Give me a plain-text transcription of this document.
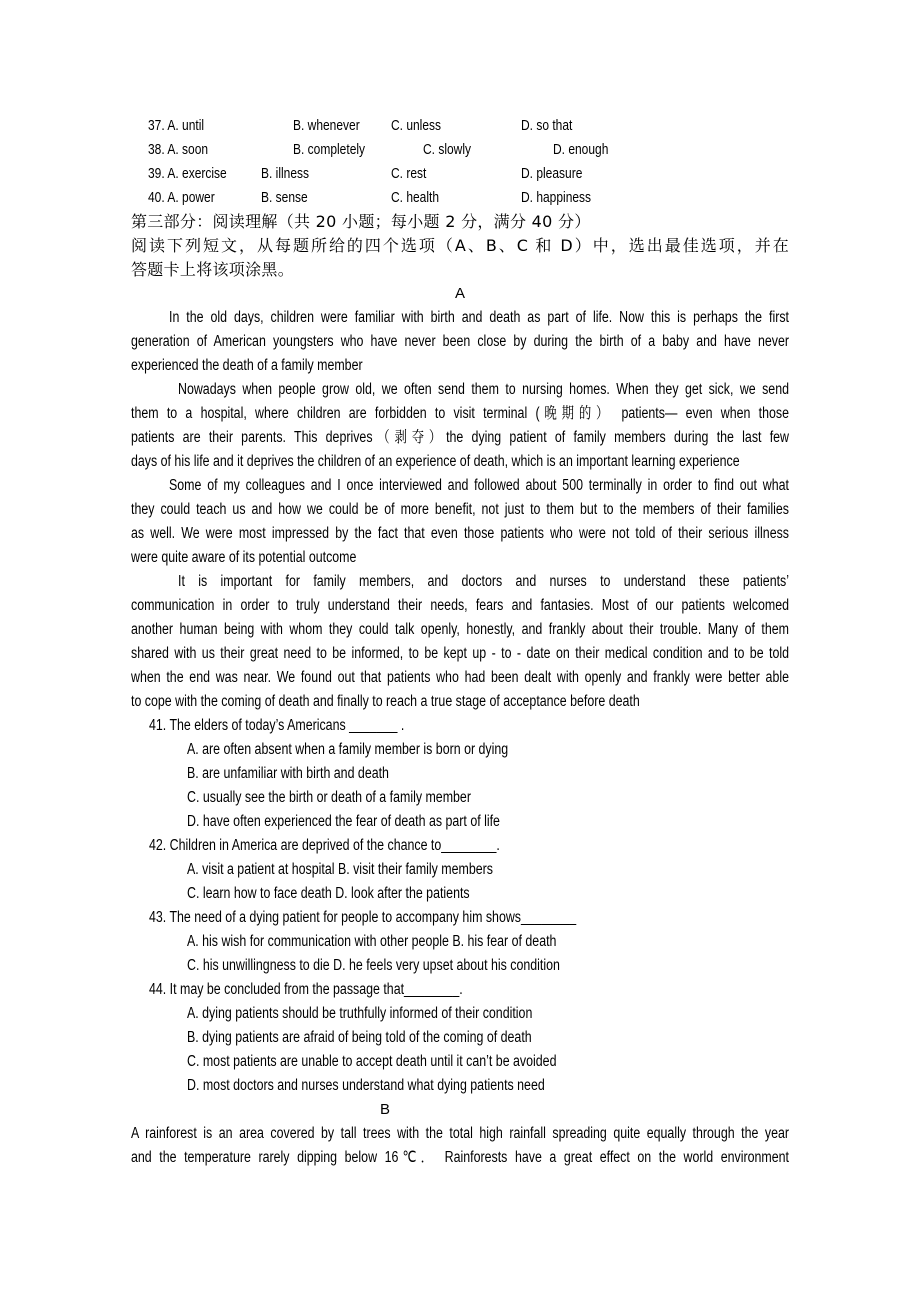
37. A. until	B. whenever C. unless	D. so that
38. A. soon	B. completely	C. slowly	D. enough
39. A. exercise B. illness	C. rest	D. pleasure
40. A. power	B. sense	C. health	D. happiness
第三部分：阅读理解（共 20 小题；每小题 2 分，满分 40 分）
阅读下列短文，从每题所给的四个选项（A、B、C 和 D）中，选出最佳选项，并在
答题卡上将该项涂黑。
A
In the old days, children were familiar with birth and death as part of life. Now this is perhaps the first
generation of American youngsters who have never been close by during the birth of a baby and have never
experienced the death of a family member
Nowadays when people grow old, we often send them to nursing homes. When they get sick, we send
them to a hospital, where children are forbidden to visit terminal (晚期的） patients— even when those
patients are their parents. This deprives（剥夺）the dying patient of family members during the last few
days of his life and it deprives the children of an experience of death, which is an important learning experience
Some of my colleagues and I once interviewed and followed about 500 terminally in order to find out what
they could teach us and how we could be of more benefit, not just to them but to the members of their families
as well. We were most impressed by the fact that even those patients who were not told of their serious illness
were quite aware of its potential outcome
It is important for family members, and doctors and nurses to understand these patients’
communication in order to truly understand their needs, fears and fantasies. Most of our patients welcomed
another human being with whom they could talk openly, honestly, and frankly about their trouble. Many of them
shared with us their great need to be informed, to be kept up - to - date on their medical condition and to be told
when the end was near. We found out that patients who had been dealt with openly and frankly were better able
to cope with the coming of death and finally to reach a true stage of acceptance before death
41. The elders of today’s Americans _______ .
A. are often absent when a family member is born or dying
B. are unfamiliar with birth and death
C. usually see the birth or death of a family member
D. have often experienced the fear of death as part of life
42. Children in America are deprived of the chance to________.
A. visit a patient at hospital B. visit their family members
C. learn how to face death D. look after the patients
43. The need of a dying patient for people to accompany him shows________
A. his wish for communication with other people B. his fear of death
C. his unwillingness to die D. he feels very upset about his condition
44. It may be concluded from the passage that________.
A. dying patients should be truthfully informed of their condition
B. dying patients are afraid of being told of the coming of death
C. most patients are unable to accept death until it can’t be avoided
D. most doctors and nurses understand what dying patients need
B
A rainforest is an area covered by tall trees with the total high rainfall spreading quite equally through the year
and the temperature rarely dipping below 16℃． Rainforests have a great effect on the world environment
